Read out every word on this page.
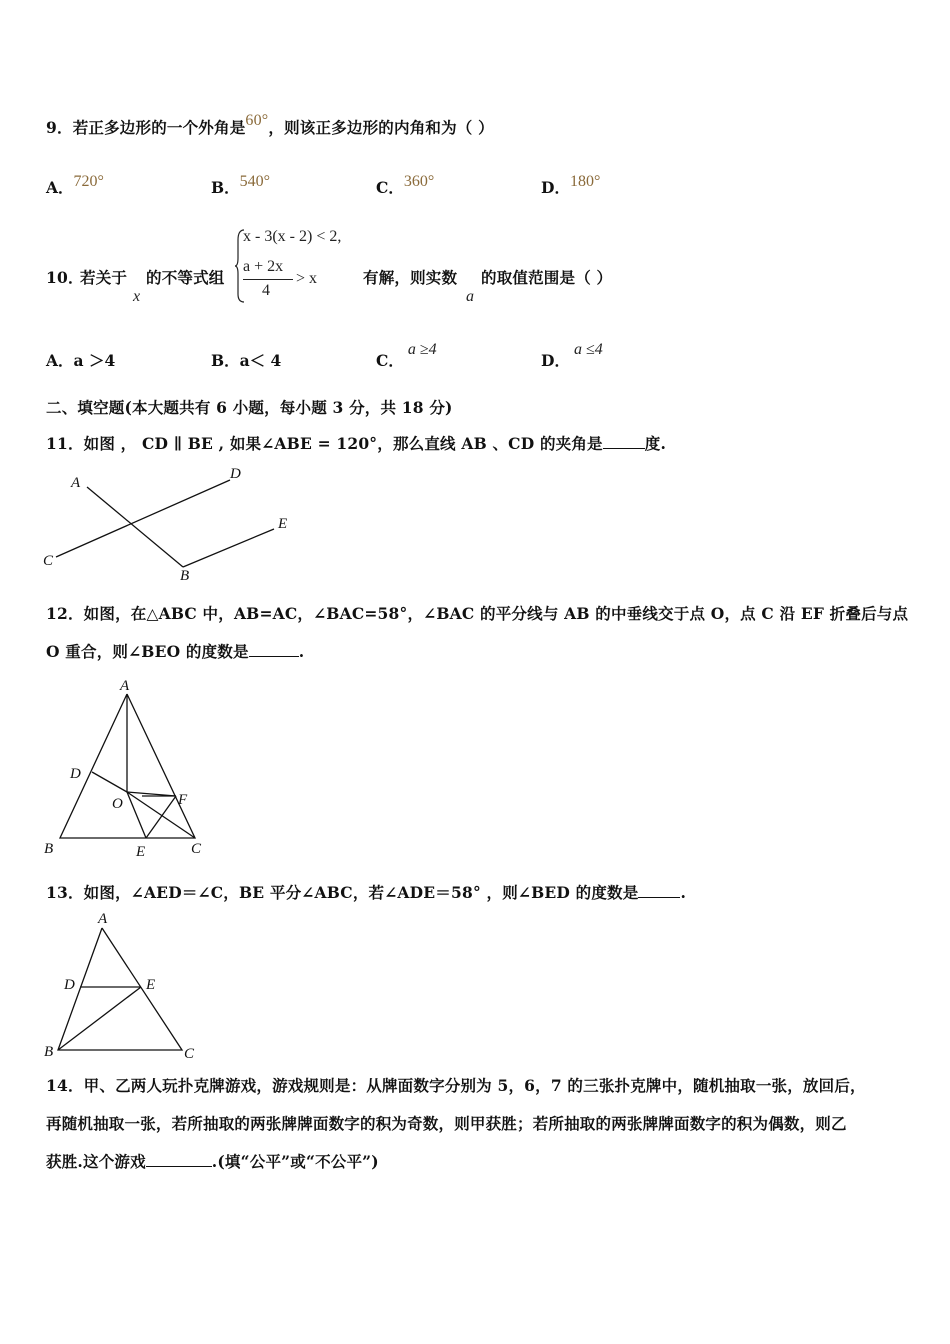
9．若正多边形的一个外角是60°，则该正多边形的内角和为（ ）
A．720°	B．540°	C．360°	D．180°
10．
若关于
x
的不等式组
x - 3(x - 2) < 2,
a + 2x
4
> x	有解，则实数
a
的取值范围是（ ）
A．a ＞4	B．a＜ 4	C．a ≥4
D．a ≤4
二、填空题(本大题共有 6 小题，每小题 3 分，共 18 分)
11．如图 ， CD ∥ BE , 如果∠ABE = 120°，那么直线 AB 、CD 的夹角是	度.
A
D
E
C
B
12．如图，在△ABC 中，AB=AC，∠BAC=58°，∠BAC 的平分线与 AB 的中垂线交于点 O，点 C 沿 EF 折叠后与点
O 重合，则∠BEO 的度数是	.
A
D
O	F
B	E	C
13．如图，∠AED＝∠C，BE 平分∠ABC，若∠ADE＝58° ，则∠BED 的度数是	.
A
D	E
B	C
14．甲、乙两人玩扑克牌游戏，游戏规则是：从牌面数字分别为 5，6，7 的三张扑克牌中，随机抽取一张，放回后，
再随机抽取一张，若所抽取的两张牌牌面数字的积为奇数，则甲获胜；若所抽取的两张牌牌面数字的积为偶数，则乙
获胜.这个游戏	.(填“公平”或“不公平”)
